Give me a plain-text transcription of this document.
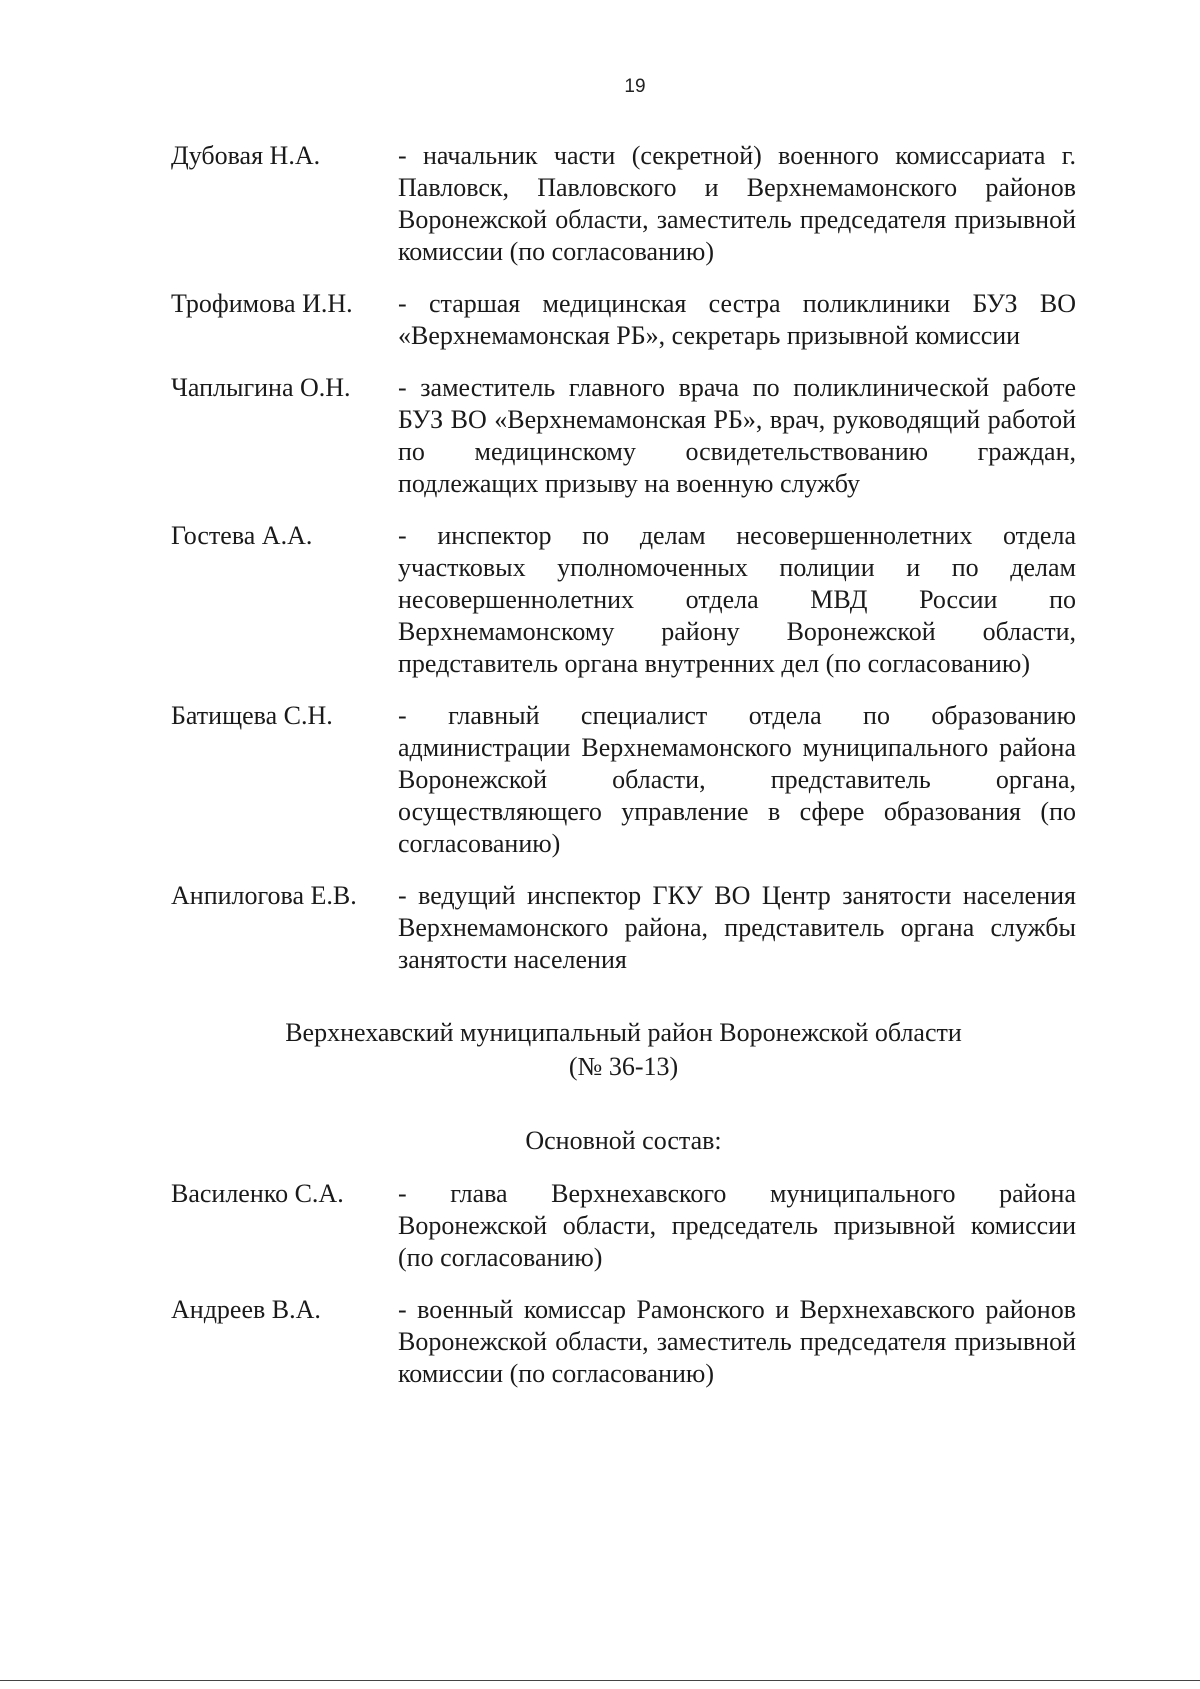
19
Дубовая Н.А.	- начальник части (секретной) военного комиссариата г. Павловск, Павловского и Верхнемамонского районов Воронежской области, заместитель председателя призывной комиссии (по согласованию)

Трофимова И.Н.	- старшая медицинская сестра поликлиники БУЗ ВО «Верхнемамонская РБ», секретарь призывной комиссии

Чаплыгина О.Н.	- заместитель главного врача по поликлинической работе БУЗ ВО «Верхнемамонская РБ», врач, руководящий работой по медицинскому освидетельствованию граждан, подлежащих призыву на военную службу

Гостева А.А.	- инспектор по делам несовершеннолетних отдела участковых уполномоченных полиции и по делам несовершеннолетних отдела МВД России по Верхнемамонскому району Воронежской области, представитель органа внутренних дел (по согласованию)

Батищева С.Н.	- главный специалист отдела по образованию администрации Верхнемамонского муниципального района Воронежской области, представитель органа, осуществляющего управление в сфере образования (по согласованию)

Анпилогова Е.В.	- ведущий инспектор ГКУ ВО Центр занятости населения Верхнемамонского района, представитель органа службы занятости населения

Верхнехавский муниципальный район Воронежской области

(№ 36-13)

Основной состав:

Василенко С.А.	- глава Верхнехавского муниципального района Воронежской области, председатель призывной комиссии (по согласованию)

Андреев В.А.	- военный комиссар Рамонского и Верхнехавского районов Воронежской области, заместитель председателя призывной комиссии (по согласованию)
